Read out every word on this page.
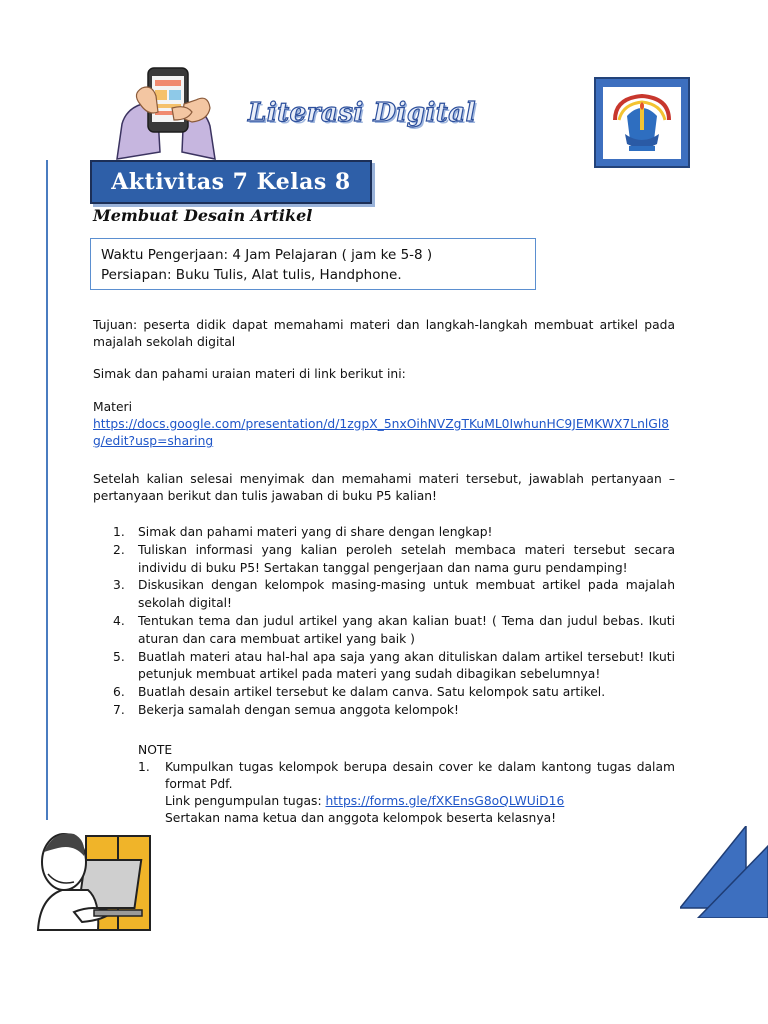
Literasi Digital
Aktivitas 7 Kelas 8
Membuat Desain Artikel
Waktu Pengerjaan: 4 Jam Pelajaran ( jam ke 5-8 )
Persiapan: Buku Tulis, Alat tulis, Handphone.
Tujuan: peserta didik dapat memahami materi dan langkah-langkah membuat artikel pada majalah sekolah digital
Simak dan pahami uraian materi di link berikut ini:
Materi
https://docs.google.com/presentation/d/1zgpX_5nxOihNVZgTKuML0IwhunHC9JEMKWX7LnlGl8g/edit?usp=sharing
Setelah kalian selesai menyimak dan memahami materi tersebut, jawablah pertanyaan – pertanyaan berikut dan tulis jawaban di buku P5 kalian!
1.	Simak dan pahami materi yang di share dengan lengkap!
2.	Tuliskan informasi yang kalian peroleh setelah membaca materi tersebut secara individu di buku P5! Sertakan tanggal pengerjaan dan nama guru pendamping!
3.	Diskusikan dengan kelompok masing-masing untuk membuat artikel pada majalah sekolah digital!
4.	Tentukan tema dan judul artikel yang akan kalian buat! ( Tema dan judul bebas. Ikuti aturan dan cara membuat artikel yang baik )
5.	Buatlah materi atau hal-hal apa saja yang akan dituliskan dalam artikel tersebut! Ikuti petunjuk membuat artikel pada materi yang sudah dibagikan sebelumnya!
6.	Buatlah desain artikel tersebut ke dalam canva. Satu kelompok satu artikel.
7.	Bekerja samalah dengan semua anggota kelompok!
NOTE
1.	Kumpulkan tugas kelompok berupa desain cover ke dalam kantong tugas dalam format Pdf.
Link pengumpulan tugas: https://forms.gle/fXKEnsG8oQLWUiD16
Sertakan nama ketua dan anggota kelompok beserta kelasnya!
